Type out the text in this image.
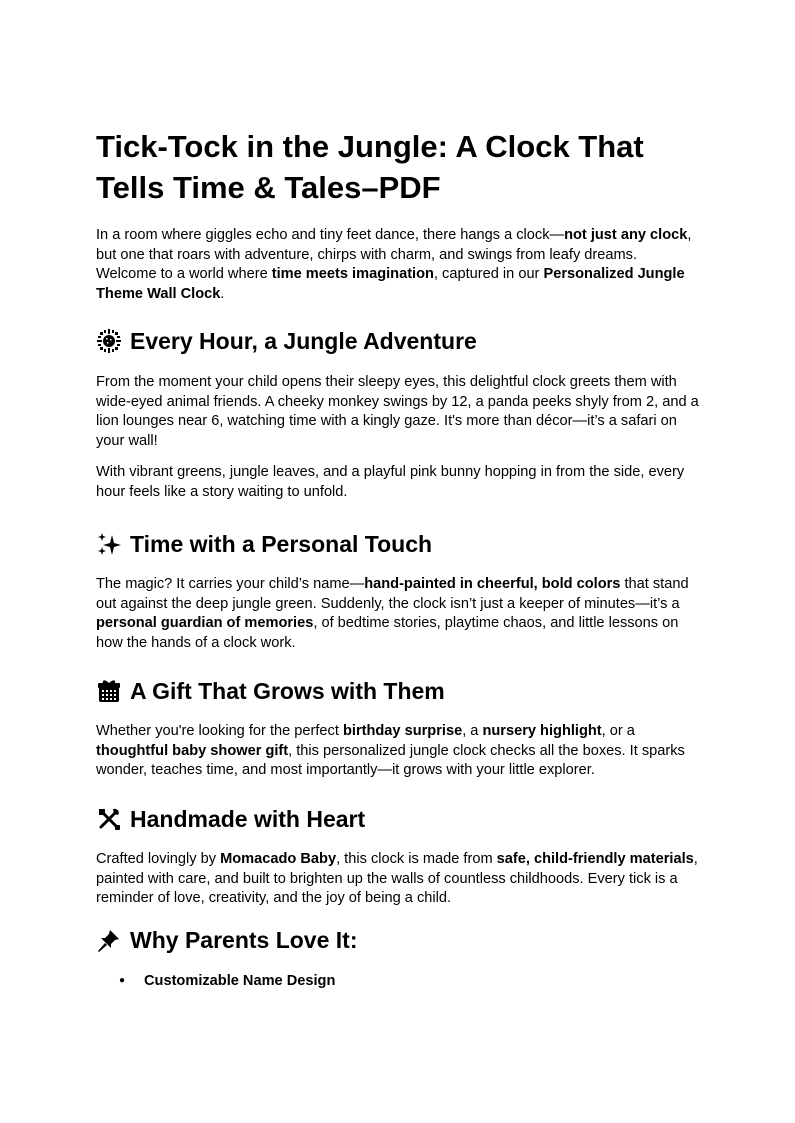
Tick-Tock in the Jungle: A Clock That Tells Time & Tales–PDF

In a room where giggles echo and tiny feet dance, there hangs a clock—not just any clock, but one that roars with adventure, chirps with charm, and swings from leafy dreams. Welcome to a world where time meets imagination, captured in our Personalized Jungle Theme Wall Clock.

Every Hour, a Jungle Adventure

From the moment your child opens their sleepy eyes, this delightful clock greets them with wide-eyed animal friends. A cheeky monkey swings by 12, a panda peeks shyly from 2, and a lion lounges near 6, watching time with a kingly gaze. It's more than décor—it’s a safari on your wall!

With vibrant greens, jungle leaves, and a playful pink bunny hopping in from the side, every hour feels like a story waiting to unfold.

Time with a Personal Touch

The magic? It carries your child’s name—hand-painted in cheerful, bold colors that stand out against the deep jungle green. Suddenly, the clock isn’t just a keeper of minutes—it’s a personal guardian of memories, of bedtime stories, playtime chaos, and little lessons on how the hands of a clock work.

A Gift That Grows with Them

Whether you're looking for the perfect birthday surprise, a nursery highlight, or a thoughtful baby shower gift, this personalized jungle clock checks all the boxes. It sparks wonder, teaches time, and most importantly—it grows with your little explorer.

Handmade with Heart

Crafted lovingly by Momacado Baby, this clock is made from safe, child-friendly materials, painted with care, and built to brighten up the walls of countless childhoods. Every tick is a reminder of love, creativity, and the joy of being a child.

Why Parents Love It:
● Customizable Name Design
